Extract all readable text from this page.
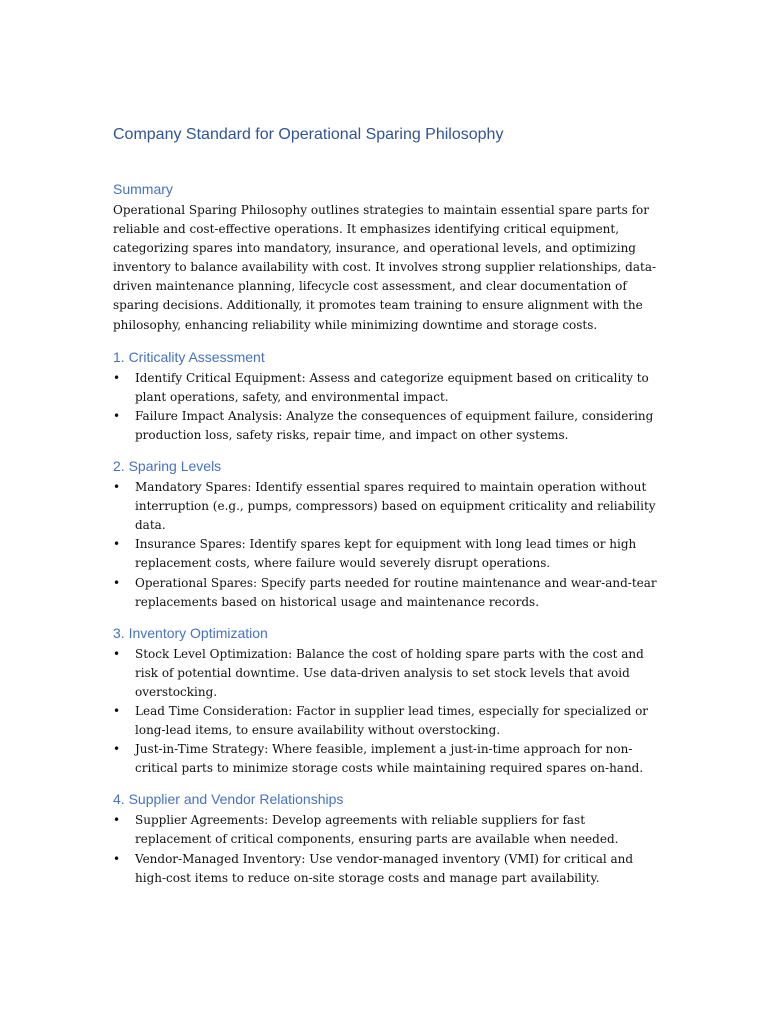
Company Standard for Operational Sparing Philosophy
Summary

Operational Sparing Philosophy outlines strategies to maintain essential spare parts for reliable and cost-effective operations. It emphasizes identifying critical equipment, categorizing spares into mandatory, insurance, and operational levels, and optimizing inventory to balance availability with cost. It involves strong supplier relationships, data-driven maintenance planning, lifecycle cost assessment, and clear documentation of sparing decisions. Additionally, it promotes team training to ensure alignment with the philosophy, enhancing reliability while minimizing downtime and storage costs.

1. Criticality Assessment
• Identify Critical Equipment: Assess and categorize equipment based on criticality to plant operations, safety, and environmental impact.
• Failure Impact Analysis: Analyze the consequences of equipment failure, considering production loss, safety risks, repair time, and impact on other systems.
2. Sparing Levels
• Mandatory Spares: Identify essential spares required to maintain operation without interruption (e.g., pumps, compressors) based on equipment criticality and reliability data.
• Insurance Spares: Identify spares kept for equipment with long lead times or high replacement costs, where failure would severely disrupt operations.
• Operational Spares: Specify parts needed for routine maintenance and wear-and-tear replacements based on historical usage and maintenance records.
3. Inventory Optimization
• Stock Level Optimization: Balance the cost of holding spare parts with the cost and risk of potential downtime. Use data-driven analysis to set stock levels that avoid overstocking.
• Lead Time Consideration: Factor in supplier lead times, especially for specialized or long-lead items, to ensure availability without overstocking.
• Just-in-Time Strategy: Where feasible, implement a just-in-time approach for non-critical parts to minimize storage costs while maintaining required spares on-hand.
4. Supplier and Vendor Relationships
• Supplier Agreements: Develop agreements with reliable suppliers for fast replacement of critical components, ensuring parts are available when needed.
• Vendor-Managed Inventory: Use vendor-managed inventory (VMI) for critical and high-cost items to reduce on-site storage costs and manage part availability.
